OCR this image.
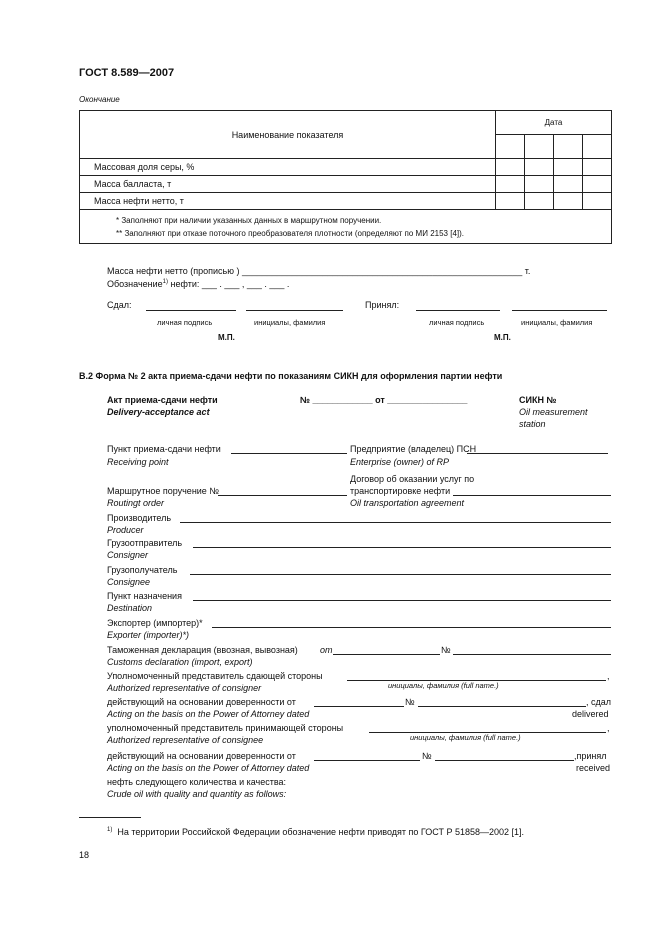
ГОСТ 8.589—2007
Окончание
Наименование показателя	Дата			

Массовая доля серы, %				
Масса балласта, т				
Масса нефти нетто, т				

* Заполняют при наличии указанных данных в маршрутном поручении.
** Заполняют при отказе поточного преобразователя плотности (определяют по МИ 2153 [4]).				
Масса нефти нетто (прописью ) ________________________________________________________ т.
Обозначение$^{1)}$ нефти: ___ . ___ , ___ . ___ .
Сдал:	Принял:
личная подпись	инициалы, фамилия	личная подпись	инициалы, фамилия
М.П.	М.П.
В.2 Форма № 2 акта приема-сдачи нефти по показаниям СИКН для оформления партии нефти
Акт приема-сдачи нефти
Delivery-acceptance act
№ ____________ от ________________	СИКН №
Oil measurement
station
Пункт приема-сдачи нефти
Receiving point
Предприятие (владелец) ПСН
Enterprise (owner) of RP
Договор об оказании услуг по
Маршрутное поручение №	транспортировке нефти
Routingt order	Oil transportation agreement
Производитель
Producer
Грузоотправитель
Consigner
Грузополучатель
Consignee
Пункт назначения
Destination
Экспортер (импортер)*
Exporter (importer)*)
Таможенная декларация (ввозная, вывозная) от	№
Customs declaration (import, export)
Уполномоченный представитель сдающей стороны	,
Authorized representative of consigner	инициалы, фамилия (full name.)
действующий на основании доверенности от	№	, сдал
Acting on the basis on the Power of Attorney dated	delivered
уполномоченный представитель принимающей стороны	,
Authorized representative of consignee	инициалы, фамилия (full name.)
действующий на основании доверенности от	№	,принял
Acting on the basis on the Power of Attorney dated	received
нефть следующего количества и качества:
Crude oil with quality and quantity as follows:
$^{1)}$ На территории Российской Федерации обозначение нефти приводят по ГОСТ Р 51858—2002 [1].
18
